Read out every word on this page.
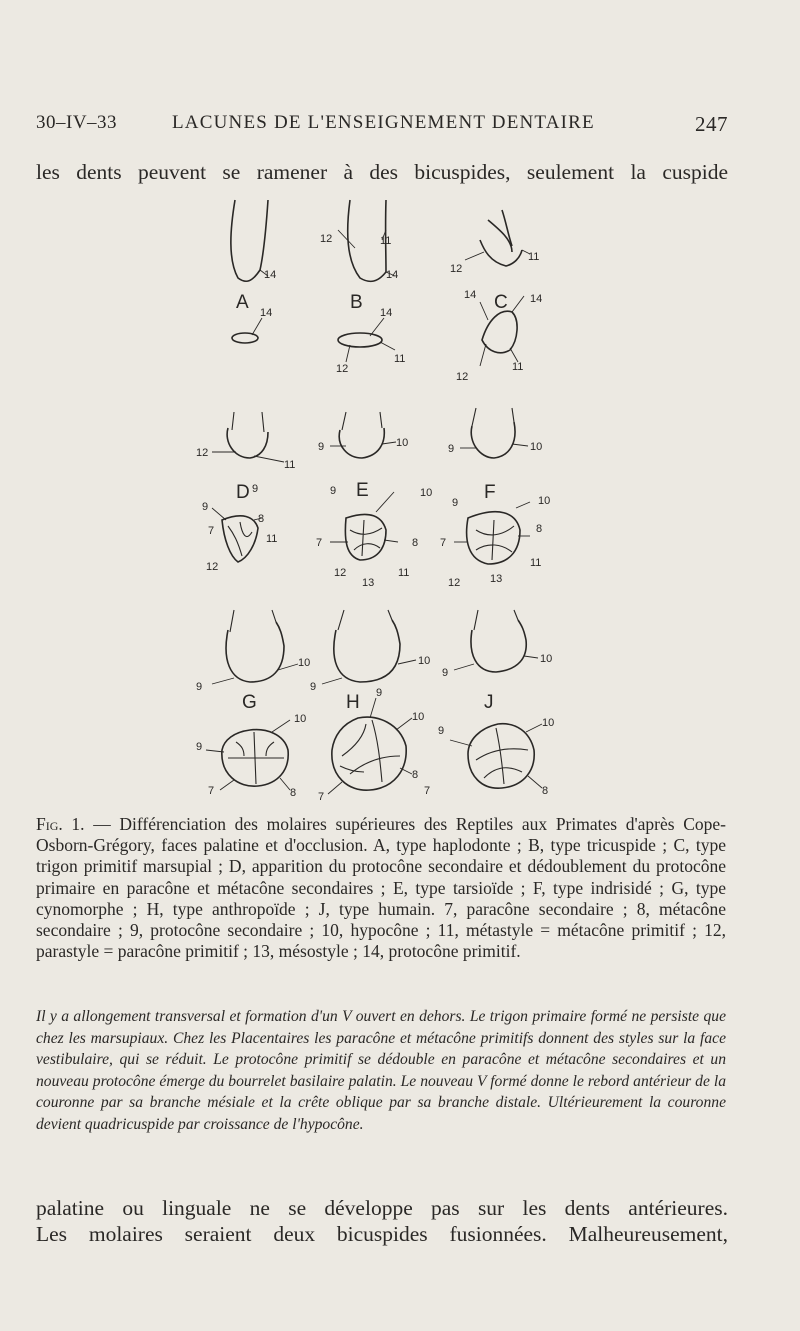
30–IV–33	LACUNES DE L'ENSEIGNEMENT DENTAIRE	247
les dents peuvent se ramener à des bicuspides, seulement la cuspide
A	B	C
D	E	F
G	H	J
14
12	11
14	12
11
14	14
14	14
12
11
12
11
12
11
9
9	10	9	10
9
8
7
11
12
9	10
7	8
12
13
11
9	10
7
8
12	13
11
10
9
10
9
10
9
10
9
8
7
9
10
8
7
9
10
8
7
Fig. 1. — Différenciation des molaires supérieures des Reptiles aux Primates d'après Cope-Osborn-Grégory, faces palatine et d'occlusion. A, type haplodonte ; B, type tricuspide ; C, type trigon primitif marsupial ; D, apparition du protocône secondaire et dédoublement du protocône primaire en paracône et métacône secondaires ; E, type tarsioïde ; F, type indrisidé ; G, type cynomorphe ; H, type anthropoïde ; J, type humain. 7, paracône secondaire ; 8, métacône secondaire ; 9, protocône secondaire ; 10, hypocône ; 11, métastyle = métacône primitif ; 12, parastyle = paracône primitif ; 13, mésostyle ; 14, protocône primitif.
Il y a allongement transversal et formation d'un V ouvert en dehors. Le trigon primaire formé ne persiste que chez les marsupiaux. Chez les Placentaires les paracône et métacône primitifs donnent des styles sur la face vestibulaire, qui se réduit. Le protocône primitif se dédouble en paracône et métacône secondaires et un nouveau protocône émerge du bourrelet basilaire palatin. Le nouveau V formé donne le rebord antérieur de la couronne par sa branche mésiale et la crête oblique par sa branche distale. Ultérieurement la couronne devient quadricuspide par croissance de l'hypocône.
palatine ou linguale ne se développe pas sur les dents antérieures.
Les molaires seraient deux bicuspides fusionnées. Malheureusement,
